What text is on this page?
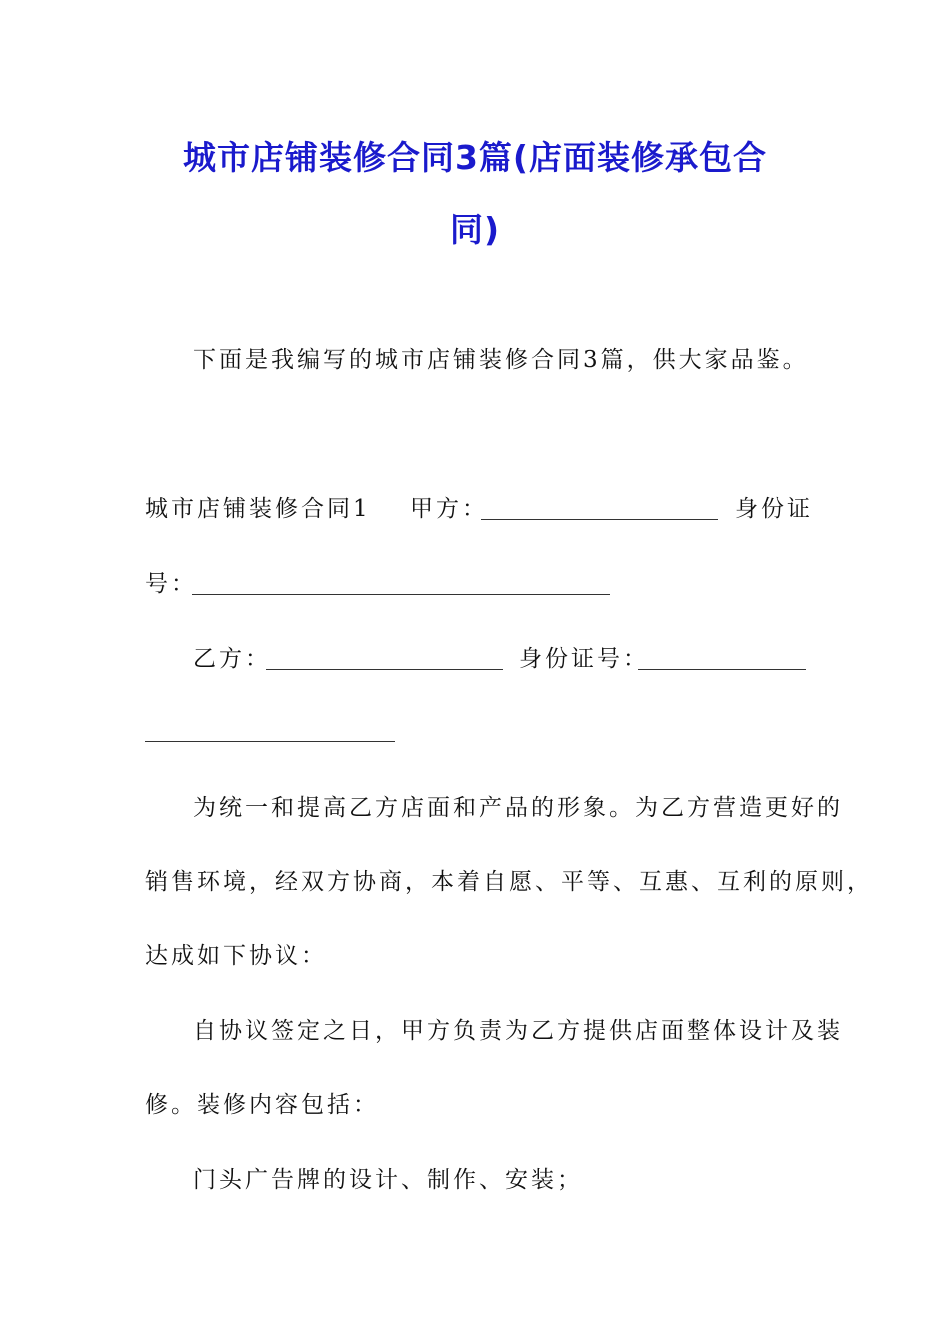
城市店铺装修合同3篇(店面装修承包合
同)
下面是我编写的城市店铺装修合同3篇，供大家品鉴。
城市店铺装修合同1 甲方：	身份证
号：
乙方：	身份证号：
为统一和提高乙方店面和产品的形象。为乙方营造更好的
销售环境，经双方协商，本着自愿、平等、互惠、互利的原则，
达成如下协议：
自协议签定之日，甲方负责为乙方提供店面整体设计及装
修。装修内容包括：
门头广告牌的设计、制作、安装；
